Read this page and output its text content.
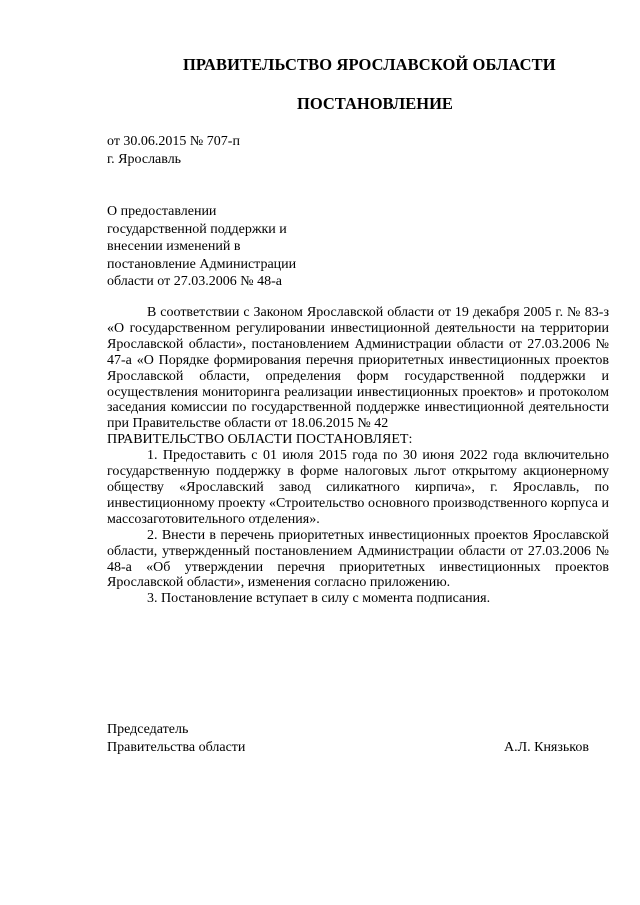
ПРАВИТЕЛЬСТВО ЯРОСЛАВСКОЙ ОБЛАСТИ
ПОСТАНОВЛЕНИЕ
от 30.06.2015 № 707-п
г. Ярославль
О предоставлении
государственной поддержки и
внесении изменений в
постановление Администрации
области от 27.03.2006 № 48-а

В соответствии с Законом Ярославской области от 19 декабря 2005 г. № 83-з «О государственном регулировании инвестиционной деятельности на территории Ярославской области», постановлением Администрации области от 27.03.2006 № 47-а «О Порядке формирования перечня приоритетных инвестиционных проектов Ярославской области, определения форм государственной поддержки и осуществления мониторинга реализации инвестиционных проектов» и протоколом заседания комиссии по государственной поддержке инвестиционной деятельности при Правительстве области от 18.06.2015 № 42

ПРАВИТЕЛЬСТВО ОБЛАСТИ ПОСТАНОВЛЯЕТ:

1. Предоставить с 01 июля 2015 года по 30 июня 2022 года включительно государственную поддержку в форме налоговых льгот открытому акционерному обществу «Ярославский завод силикатного кирпича», г. Ярославль, по инвестиционному проекту «Строительство основного производственного корпуса и массозаготовительного отделения».

2. Внести в перечень приоритетных инвестиционных проектов Ярославской области, утвержденный постановлением Администрации области от 27.03.2006 № 48-а «Об утверждении перечня приоритетных инвестиционных проектов Ярославской области», изменения согласно приложению.

3. Постановление вступает в силу с момента подписания.

Председатель
Правительства области	А.Л. Князьков
